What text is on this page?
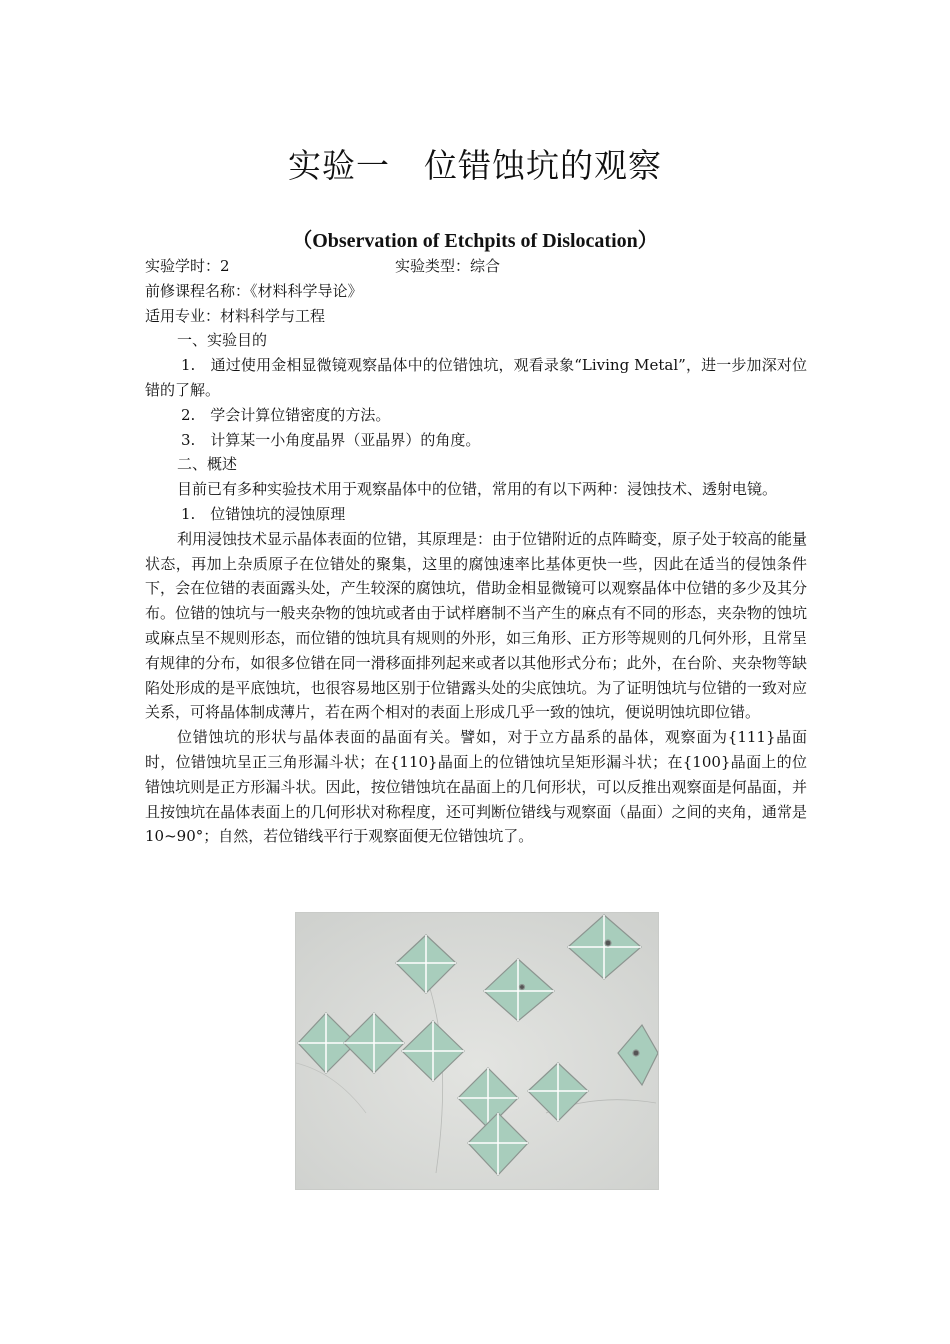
实验一　位错蚀坑的观察
（Observation of Etchpits of Dislocation）
实验学时：2	实验类型：综合

前修课程名称：《材料科学导论》

适用专业：材料科学与工程

一、实验目的

1.　通过使用金相显微镜观察晶体中的位错蚀坑，观看录象“Living Metal”，进一步加深对位错的了解。

2.　学会计算位错密度的方法。

3.　计算某一小角度晶界（亚晶界）的角度。

二、概述

目前已有多种实验技术用于观察晶体中的位错，常用的有以下两种：浸蚀技术、透射电镜。

1.　位错蚀坑的浸蚀原理

利用浸蚀技术显示晶体表面的位错，其原理是：由于位错附近的点阵畸变，原子处于较高的能量状态，再加上杂质原子在位错处的聚集，这里的腐蚀速率比基体更快一些，因此在适当的侵蚀条件下，会在位错的表面露头处，产生较深的腐蚀坑，借助金相显微镜可以观察晶体中位错的多少及其分布。位错的蚀坑与一般夹杂物的蚀坑或者由于试样磨制不当产生的麻点有不同的形态，夹杂物的蚀坑或麻点呈不规则形态，而位错的蚀坑具有规则的外形，如三角形、正方形等规则的几何外形，且常呈有规律的分布，如很多位错在同一滑移面排列起来或者以其他形式分布；此外，在台阶、夹杂物等缺陷处形成的是平底蚀坑，也很容易地区别于位错露头处的尖底蚀坑。为了证明蚀坑与位错的一致对应关系，可将晶体制成薄片，若在两个相对的表面上形成几乎一致的蚀坑，便说明蚀坑即位错。

位错蚀坑的形状与晶体表面的晶面有关。譬如，对于立方晶系的晶体，观察面为{111}晶面时，位错蚀坑呈正三角形漏斗状；在{110}晶面上的位错蚀坑呈矩形漏斗状；在{100}晶面上的位错蚀坑则是正方形漏斗状。因此，按位错蚀坑在晶面上的几何形状，可以反推出观察面是何晶面，并且按蚀坑在晶体表面上的几何形状对称程度，还可判断位错线与观察面（晶面）之间的夹角，通常是 10~90°；自然，若位错线平行于观察面便无位错蚀坑了。
